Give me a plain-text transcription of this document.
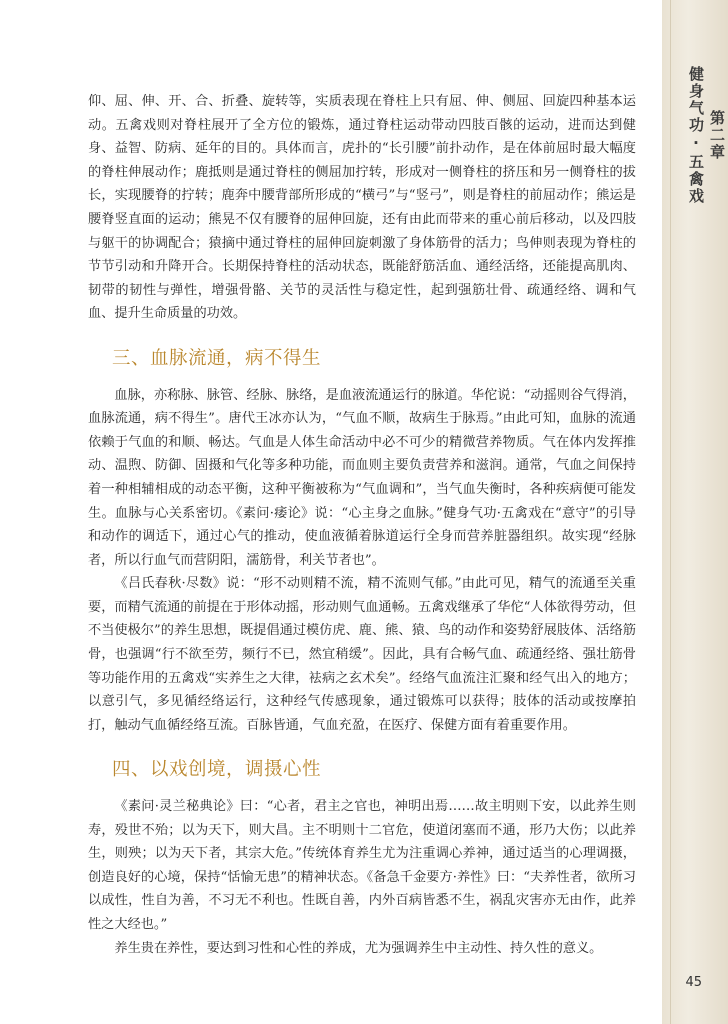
第二章
健身气功·五禽戏

仰、屈、伸、开、合、折叠、旋转等，实质表现在脊柱上只有屈、伸、侧屈、回旋四种基本运动。五禽戏则对脊柱展开了全方位的锻炼，通过脊柱运动带动四肢百骸的运动，进而达到健身、益智、防病、延年的目的。具体而言，虎扑的“长引腰”前扑动作，是在体前屈时最大幅度的脊柱伸展动作；鹿抵则是通过脊柱的侧屈加拧转，形成对一侧脊柱的挤压和另一侧脊柱的拔长，实现腰脊的拧转；鹿奔中腰背部所形成的“横弓”与“竖弓”，则是脊柱的前屈动作；熊运是腰脊竖直面的运动；熊晃不仅有腰脊的屈伸回旋，还有由此而带来的重心前后移动，以及四肢与躯干的协调配合；猿摘中通过脊柱的屈伸回旋刺激了身体筋骨的活力；鸟伸则表现为脊柱的节节引动和升降开合。长期保持脊柱的活动状态，既能舒筋活血、通经活络，还能提高肌肉、韧带的韧性与弹性，增强骨骼、关节的灵活性与稳定性，起到强筋壮骨、疏通经络、调和气血、提升生命质量的功效。

三、血脉流通，病不得生

血脉，亦称脉、脉管、经脉、脉络，是血液流通运行的脉道。华佗说：“动摇则谷气得消，血脉流通，病不得生”。唐代王冰亦认为，“气血不顺，故病生于脉焉。”由此可知，血脉的流通依赖于气血的和顺、畅达。气血是人体生命活动中必不可少的精微营养物质。气在体内发挥推动、温煦、防御、固摄和气化等多种功能，而血则主要负责营养和滋润。通常，气血之间保持着一种相辅相成的动态平衡，这种平衡被称为“气血调和”，当气血失衡时，各种疾病便可能发生。血脉与心关系密切。《素问·痿论》说：“心主身之血脉。”健身气功·五禽戏在“意守”的引导和动作的调适下，通过心气的推动，使血液循着脉道运行全身而营养脏器组织。故实现“经脉者，所以行血气而营阴阳，濡筋骨，利关节者也”。

《吕氏春秋·尽数》说：“形不动则精不流，精不流则气郁。”由此可见，精气的流通至关重要，而精气流通的前提在于形体动摇，形动则气血通畅。五禽戏继承了华佗“人体欲得劳动，但不当使极尔”的养生思想，既提倡通过模仿虎、鹿、熊、猿、鸟的动作和姿势舒展肢体、活络筋骨，也强调“行不欲至劳，频行不已，然宜稍缓”。因此，具有合畅气血、疏通经络、强壮筋骨等功能作用的五禽戏“实养生之大律，袪病之玄术矣”。经络气血流注汇聚和经气出入的地方；以意引气，多见循经络运行，这种经气传感现象，通过锻炼可以获得；肢体的活动或按摩拍打，触动气血循经络互流。百脉皆通，气血充盈，在医疗、保健方面有着重要作用。

四、以戏创境，调摄心性

《素问·灵兰秘典论》曰：“心者，君主之官也，神明出焉……故主明则下安，以此养生则寿，殁世不殆；以为天下，则大昌。主不明则十二官危，使道闭塞而不通，形乃大伤；以此养生，则殃；以为天下者，其宗大危。”传统体育养生尤为注重调心养神，通过适当的心理调摄，创造良好的心境，保持“恬愉无患”的精神状态。《备急千金要方·养性》曰：“夫养性者，欲所习以成性，性自为善，不习无不利也。性既自善，内外百病皆悉不生，祸乱灾害亦无由作，此养性之大经也。”

养生贵在养性，要达到习性和心性的养成，尤为强调养生中主动性、持久性的意义。

45
